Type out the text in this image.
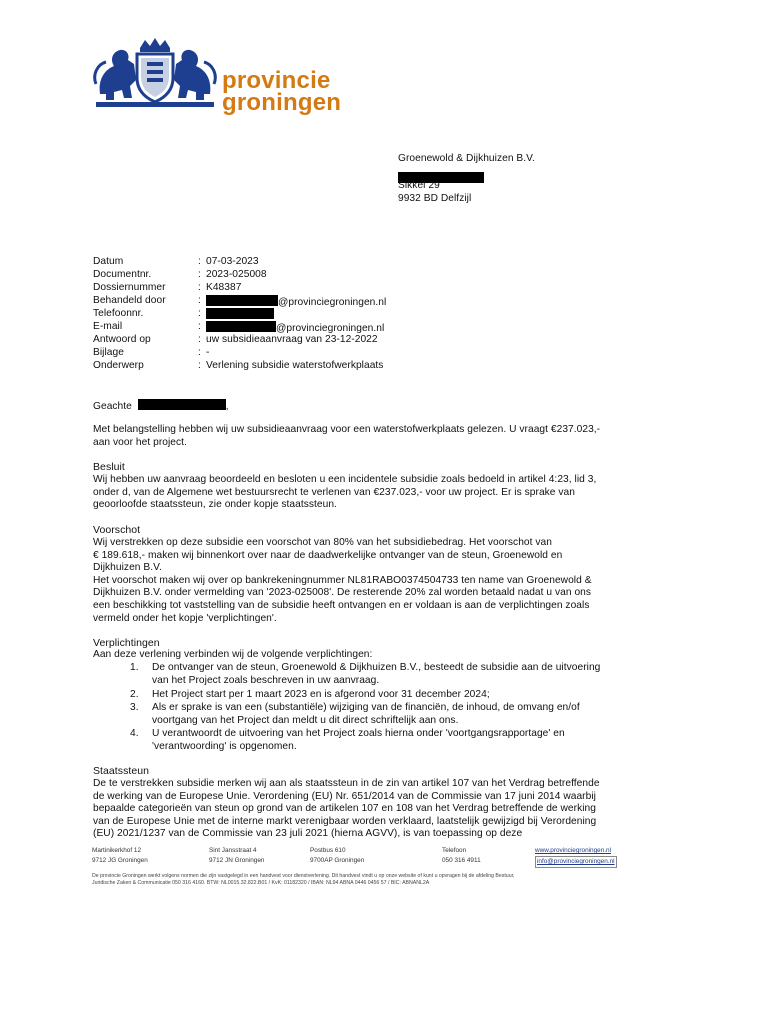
provincie
groningen
Groenewold & Dijkhuizen B.V.
Sikkel 29
9932 BD Delfzijl
Datum	: 07-03-2023
Documentnr.	: 2023-025008
Dossiernummer	: K48387
Behandeld door	:	@provinciegroningen.nl
Telefoonnr.	:
E-mail	:	@provinciegroningen.nl
Antwoord op	: uw subsidieaanvraag van 23-12-2022
Bijlage	: -
Onderwerp	: Verlening subsidie waterstofwerkplaats
Geachte	,
Met belangstelling hebben wij uw subsidieaanvraag voor een waterstofwerkplaats gelezen. U vraagt €237.023,-
aan voor het project.
Besluit
Wij hebben uw aanvraag beoordeeld en besloten u een incidentele subsidie zoals bedoeld in artikel 4:23, lid 3,
onder d, van de Algemene wet bestuursrecht te verlenen van €237.023,- voor uw project. Er is sprake van
geoorloofde staatssteun, zie onder kopje staatssteun.
Voorschot
Wij verstrekken op deze subsidie een voorschot van 80% van het subsidiebedrag. Het voorschot van
€ 189.618,- maken wij binnenkort over naar de daadwerkelijke ontvanger van de steun, Groenewold en
Dijkhuizen B.V.
Het voorschot maken wij over op bankrekeningnummer NL81RABO0374504733 ten name van Groenewold &
Dijkhuizen B.V. onder vermelding van '2023-025008'. De resterende 20% zal worden betaald nadat u van ons
een beschikking tot vaststelling van de subsidie heeft ontvangen en er voldaan is aan de verplichtingen zoals
vermeld onder het kopje 'verplichtingen'.
Verplichtingen
Aan deze verlening verbinden wij de volgende verplichtingen:
1. De ontvanger van de steun, Groenewold & Dijkhuizen B.V., besteedt de subsidie aan de uitvoering
van het Project zoals beschreven in uw aanvraag.
2. Het Project start per 1 maart 2023 en is afgerond voor 31 december 2024;
3. Als er sprake is van een (substantiële) wijziging van de financiën, de inhoud, de omvang en/of
voortgang van het Project dan meldt u dit direct schriftelijk aan ons.
4. U verantwoordt de uitvoering van het Project zoals hierna onder 'voortgangsrapportage' en
'verantwoording' is opgenomen.
Staatssteun
De te verstrekken subsidie merken wij aan als staatssteun in de zin van artikel 107 van het Verdrag betreffende
de werking van de Europese Unie. Verordening (EU) Nr. 651/2014 van de Commissie van 17 juni 2014 waarbij
bepaalde categorieën van steun op grond van de artikelen 107 en 108 van het Verdrag betreffende de werking
van de Europese Unie met de interne markt verenigbaar worden verklaard, laatstelijk gewijzigd bij Verordening
(EU) 2021/1237 van de Commissie van 23 juli 2021 (hierna AGVV), is van toepassing op deze
Martinikerkhof 12
9712 JG Groningen
Sint Jansstraat 4
9712 JN Groningen
Postbus 610
9700AP Groningen
Telefoon
050 316 4911
www.provinciegroningen.nl
info@provinciegroningen.nl
De provincie Groningen werkt volgens normen die zijn vastgelegd in een handvest voor dienstverlening. Dit handvest vindt u op onze website of kunt u opvragen bij de afdeling Bestuur,
Juridische Zaken & Communicatie 050 316 4160. BTW: NL0015.32.822.B01 / KvK: 01182320 / IBAN: NL94 ABNA 0446 0456 57 / BIC: ABNANL2A
